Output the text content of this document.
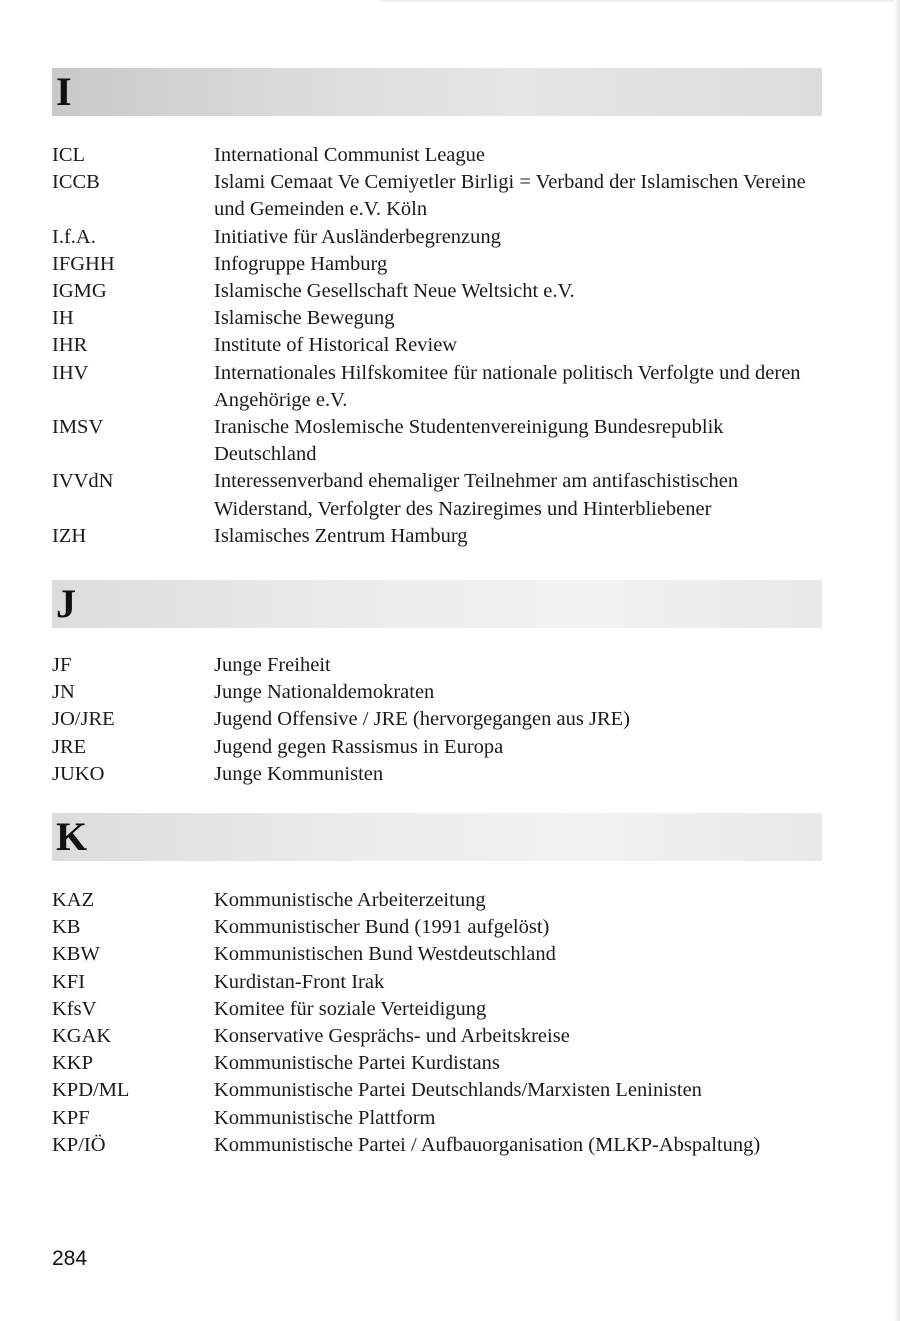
I
ICL	International Communist League
ICCB	Islami Cemaat Ve Cemiyetler Birligi = Verband der Islamischen Vereine und Gemeinden e.V. Köln
I.f.A.	Initiative für Ausländerbegrenzung
IFGHH	Infogruppe Hamburg
IGMG	Islamische Gesellschaft Neue Weltsicht e.V.
IH	Islamische Bewegung
IHR	Institute of Historical Review
IHV	Internationales Hilfskomitee für nationale politisch Verfolgte und deren Angehörige e.V.
IMSV	Iranische Moslemische Studentenvereinigung Bundesrepublik Deutschland
IVVdN	Interessenverband ehemaliger Teilnehmer am antifaschistischen Widerstand, Verfolgter des Naziregimes und Hinterbliebener
IZH	Islamisches Zentrum Hamburg
J
JF	Junge Freiheit
JN	Junge Nationaldemokraten
JO/JRE	Jugend Offensive / JRE (hervorgegangen aus JRE)
JRE	Jugend gegen Rassismus in Europa
JUKO	Junge Kommunisten
K
KAZ	Kommunistische Arbeiterzeitung
KB	Kommunistischer Bund (1991 aufgelöst)
KBW	Kommunistischen Bund Westdeutschland
KFI	Kurdistan-Front Irak
KfsV	Komitee für soziale Verteidigung
KGAK	Konservative Gesprächs- und Arbeitskreise
KKP	Kommunistische Partei Kurdistans
KPD/ML	Kommunistische Partei Deutschlands/Marxisten Leninisten
KPF	Kommunistische Plattform
KP/IÖ	Kommunistische Partei / Aufbauorganisation (MLKP-Abspaltung)
284
